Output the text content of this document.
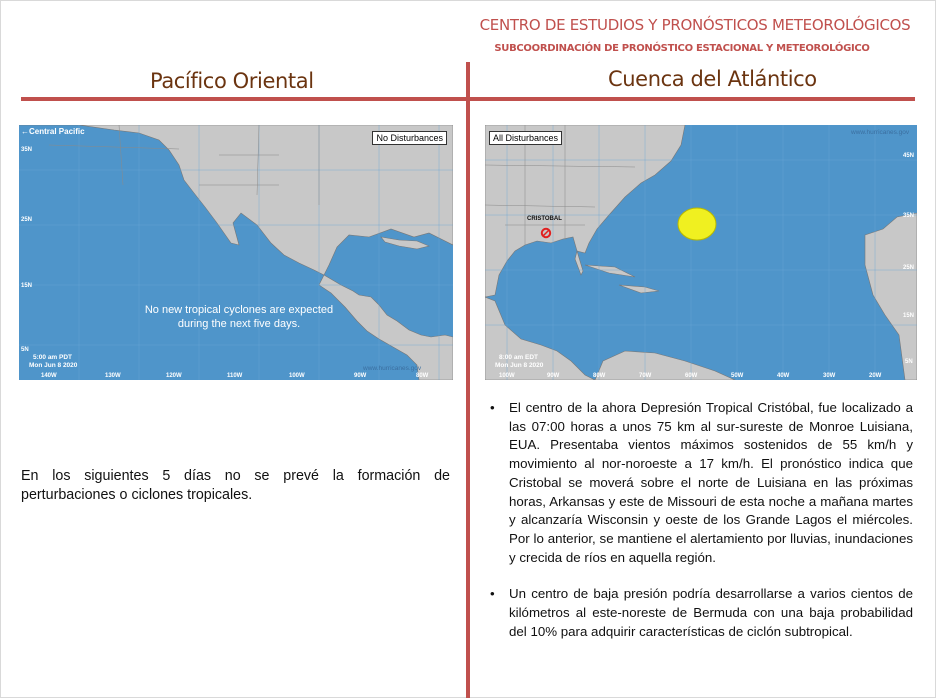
CENTRO DE ESTUDIOS Y PRONÓSTICOS METEOROLÓGICOS
SUBCOORDINACIÓN DE PRONÓSTICO ESTACIONAL Y METEOROLÓGICO
Pacífico Oriental	Cuenca del Atlántico
←Central Pacific
No Disturbances
No new tropical cyclones are expected
during the next five days.
5:00 am PDT
Mon Jun 8 2020	www.hurricanes.gov
35N
25N
15N
5N
140W	130W	120W	110W	100W	90W	80W
All Disturbances
CRISTOBAL
8:00 am EDT
Mon Jun 8 2020
www.hurricanes.gov
45N
35N
25N
15N
5N
100W	90W	80W	70W	60W	50W	40W	30W	20W
En los siguientes 5 días no se prevé la formación de perturbaciones o ciclones tropicales.
• El centro de la ahora Depresión Tropical Cristóbal, fue localizado a las 07:00 horas a unos 75 km al sur-sureste de Monroe Luisiana, EUA. Presentaba vientos máximos sostenidos de 55 km/h y movimiento al nor-noroeste a 17 km/h. El pronóstico indica que Cristobal se moverá sobre el norte de Luisiana en las próximas horas, Arkansas y este de Missouri de esta noche a mañana martes y alcanzaría Wisconsin y oeste de los Grande Lagos el miércoles. Por lo anterior, se mantiene el alertamiento por lluvias, inundaciones y crecida de ríos en aquella región.
• Un centro de baja presión podría desarrollarse a varios cientos de kilómetros al este-noreste de Bermuda con una baja probabilidad del 10% para adquirir características de ciclón subtropical.
